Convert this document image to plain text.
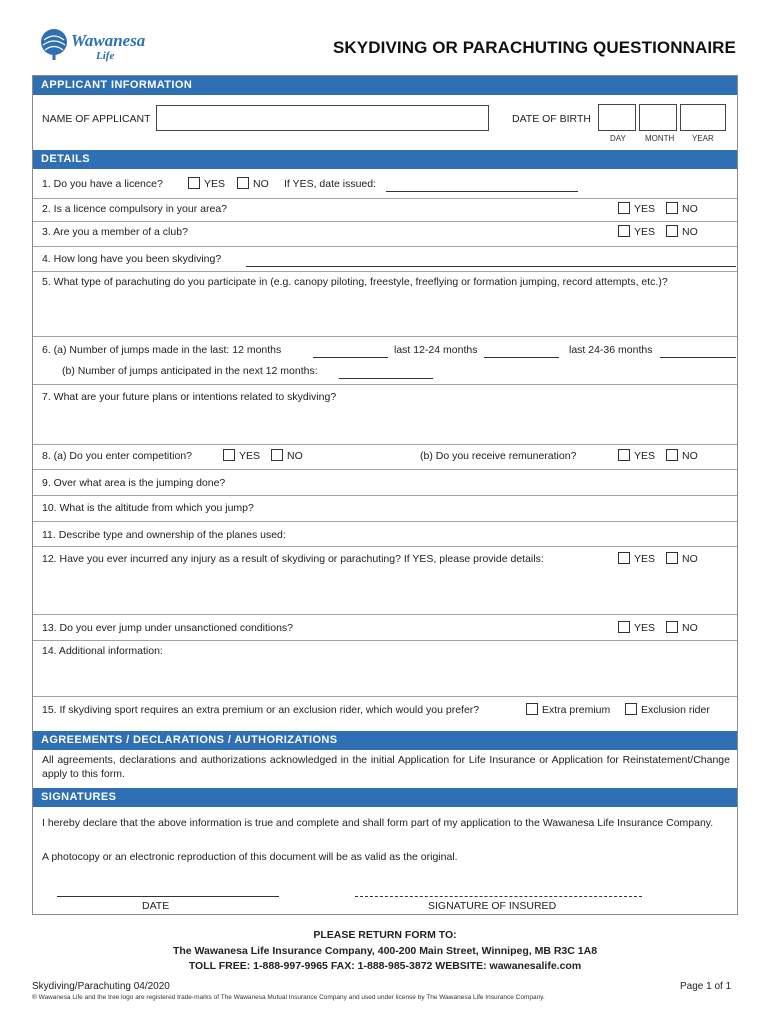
Wawanesa
Life	SKYDIVING OR PARACHUTING QUESTIONNAIRE
APPLICANT INFORMATION
NAME OF APPLICANT	DATE OF BIRTH
DAY MONTH YEAR
DETAILS
1. Do you have a licence?	YES	NO If YES, date issued:
2. Is a licence compulsory in your area?	YES	NO
3. Are you a member of a club?	YES	NO
4. How long have you been skydiving?
5. What type of parachuting do you participate in (e.g. canopy piloting, freestyle, freeflying or formation jumping, record attempts, etc.)?
6. (a) Number of jumps made in the last: 12 months	last 12-24 months	last 24-36 months
(b) Number of jumps anticipated in the next 12 months:
7. What are your future plans or intentions related to skydiving?
8. (a) Do you enter competition?	YES	NO	(b) Do you receive remuneration?	YES	NO
9. Over what area is the jumping done?
10. What is the altitude from which you jump?
11. Describe type and ownership of the planes used:
12. Have you ever incurred any injury as a result of skydiving or parachuting? If YES, please provide details:	YES	NO
13. Do you ever jump under unsanctioned conditions?	YES	NO
14. Additional information:
15. If skydiving sport requires an extra premium or an exclusion rider, which would you prefer?	Extra premium	Exclusion rider
AGREEMENTS / DECLARATIONS / AUTHORIZATIONS
All agreements, declarations and authorizations acknowledged in the initial Application for Life Insurance or Application for Reinstatement/Change apply to this form.
SIGNATURES
I hereby declare that the above information is true and complete and shall form part of my application to the Wawanesa Life Insurance Company.
A photocopy or an electronic reproduction of this document will be as valid as the original.
DATE	SIGNATURE OF INSURED
PLEASE RETURN FORM TO:
The Wawanesa Life Insurance Company, 400-200 Main Street, Winnipeg, MB R3C 1A8
TOLL FREE: 1-888-997-9965 FAX: 1-888-985-3872 WEBSITE: wawanesalife.com
Skydiving/Parachuting 04/2020	Page 1 of 1
® Wawanesa Life and the tree logo are registered trade-marks of The Wawanesa Mutual Insurance Company and used under license by The Wawanesa Life Insurance Company.
